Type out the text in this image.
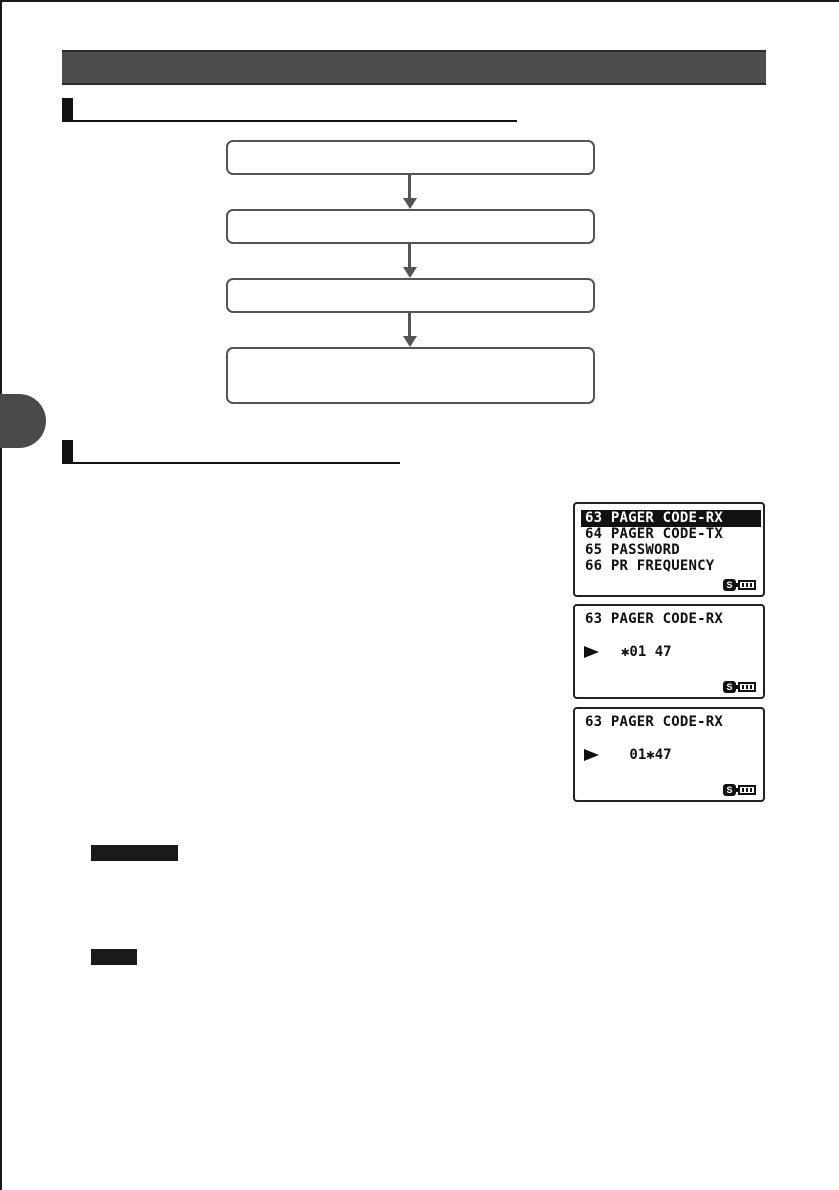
63 PAGER CODE-RX
64 PAGER CODE-TX
65 PASSWORD
66 PR FREQUENCY
S
63 PAGER CODE-RX
✱01 47
S
63 PAGER CODE-RX
01✱47
S
